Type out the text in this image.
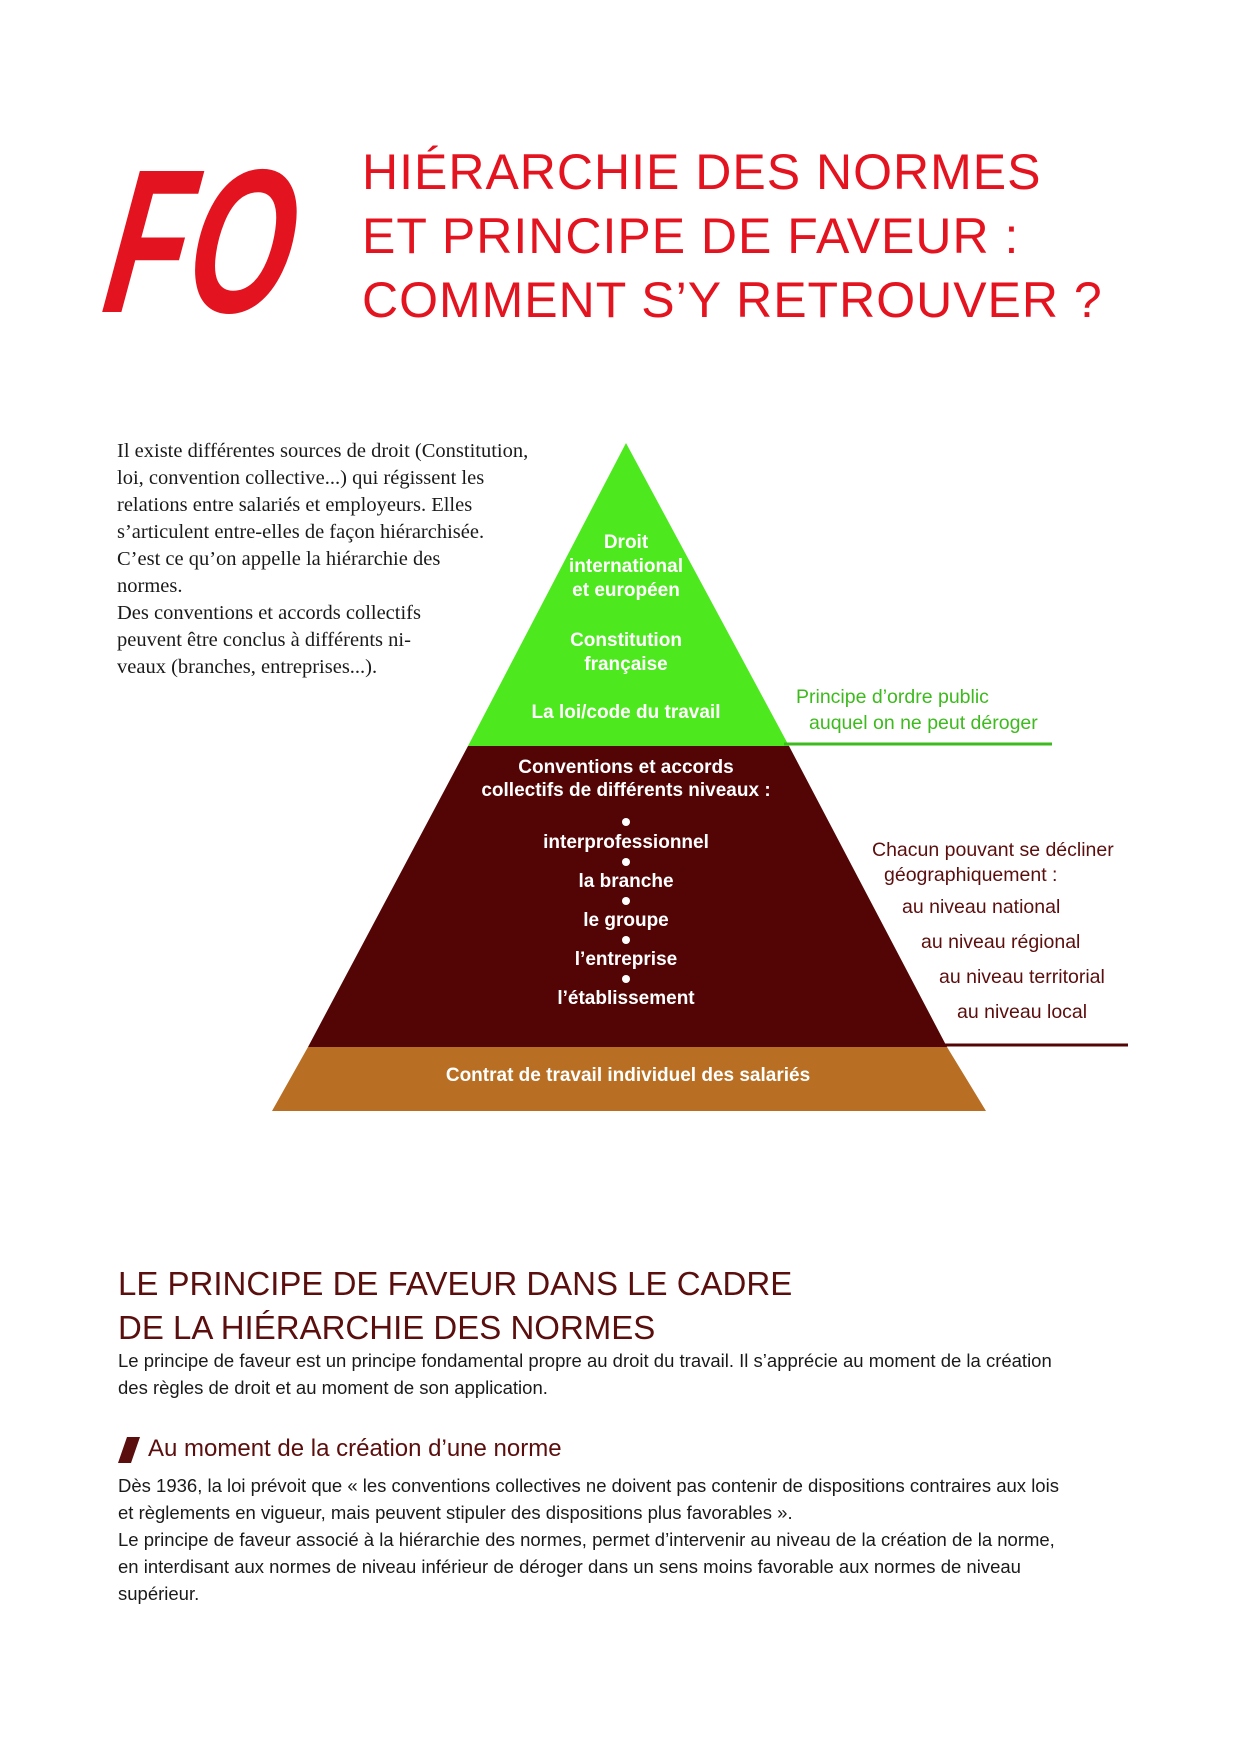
FO
HIÉRARCHIE DES NORMES
ET PRINCIPE DE FAVEUR :
COMMENT S’Y RETROUVER ?

Il existe différentes sources de droit (Constitution,
loi, convention collective...) qui régissent les
relations entre salariés et employeurs. Elles
s’articulent entre-elles de façon hiérarchisée.
C’est ce qu’on appelle la hiérarchie des
normes.
Des conventions et accords collectifs
peuvent être conclus à différents ni-
veaux (branches, entreprises...).

Droit
international
et européen
Constitution
française
La loi/code du travail
Conventions et accords
collectifs de différents niveaux :
interprofessionnel
la branche
le groupe
l’entreprise
l’établissement
Contrat de travail individuel des salariés
Principe d’ordre public
auquel on ne peut déroger
Chacun pouvant se décliner
géographiquement :
au niveau national
au niveau régional
au niveau territorial
au niveau local
LE PRINCIPE DE FAVEUR DANS LE CADRE
DE LA HIÉRARCHIE DES NORMES

Le principe de faveur est un principe fondamental propre au droit du travail. Il s’apprécie au moment de la création
des règles de droit et au moment de son application.

Au moment de la création d’une norme

Dès 1936, la loi prévoit que « les conventions collectives ne doivent pas contenir de dispositions contraires aux lois
et règlements en vigueur, mais peuvent stipuler des dispositions plus favorables ».
Le principe de faveur associé à la hiérarchie des normes, permet d’intervenir au niveau de la création de la norme,
en interdisant aux normes de niveau inférieur de déroger dans un sens moins favorable aux normes de niveau
supérieur.
